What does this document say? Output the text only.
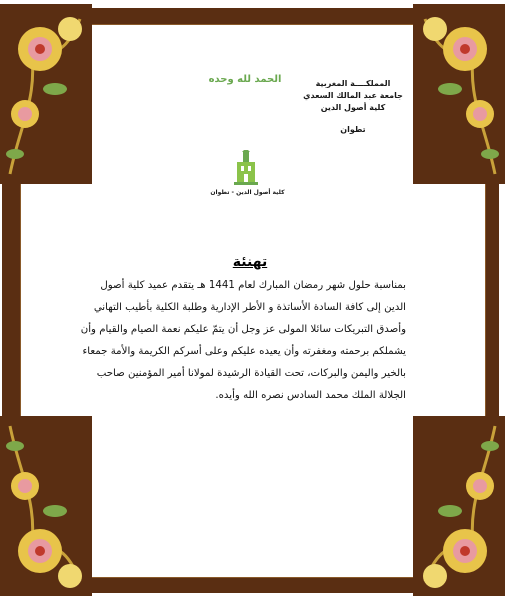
المملكــــة المغربية
جامعة عبد المالك السعدي
كلية أصول الدين
تطوان
الحمد لله وحده
كلية أصول الدين - تطوان
تهنئة
بمناسبة حلول شهر رمضان المبارك لعام 1441 هـ يتقدم عميد كلية أصول
الدين إلى كافة السادة الأساتذة و الأطر الإدارية وطلبة الكلية بأطيب التهاني
وأصدق التبريكات سائلا المولى عز وجل أن يتمّ عليكم نعمة الصيام والقيام وأن
يشملكم برحمته ومغفرته وأن يعيده عليكم وعلى أسركم الكريمة والأمة جمعاء
بالخير واليمن والبركات، تحت القيادة الرشيدة لمولانا أمير المؤمنين صاحب
الجلالة الملك محمد السادس نصره الله وأيده.
